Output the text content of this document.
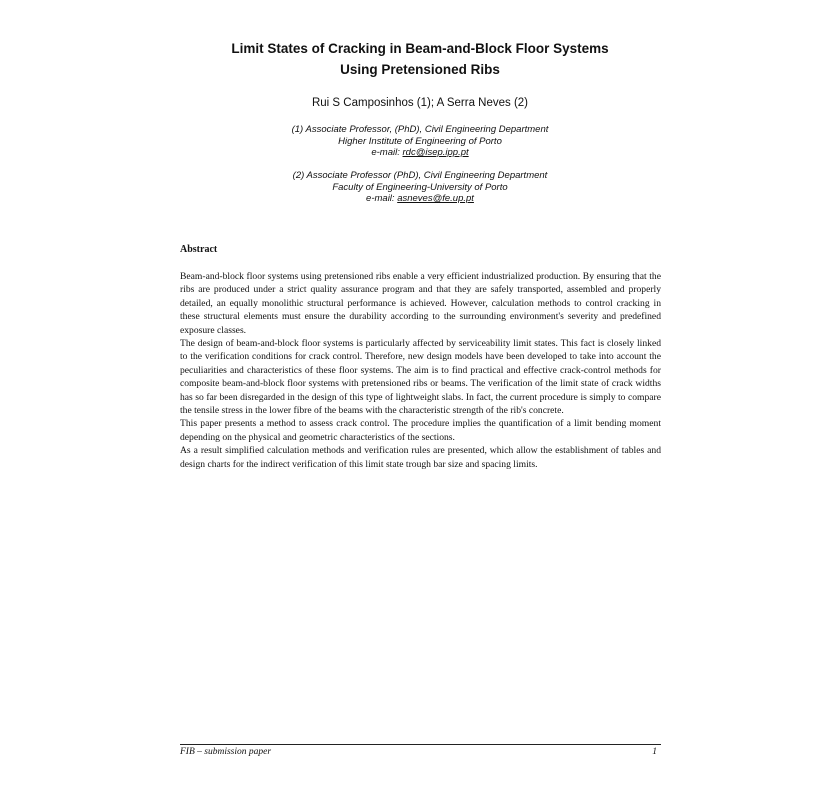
Limit States of Cracking in Beam-and-Block Floor Systems
Using Pretensioned Ribs

Rui S Camposinhos (1); A Serra Neves (2)

(1) Associate Professor, (PhD), Civil Engineering Department
Higher Institute of Engineering of Porto
e-mail: rdc@isep.ipp.pt
(2) Associate Professor (PhD), Civil Engineering Department
Faculty of Engineering-University of Porto
e-mail: asneves@fe.up.pt
Abstract

Beam-and-block floor systems using pretensioned ribs enable a very efficient industrialized production. By ensuring that the ribs are produced under a strict quality assurance program and that they are safely transported, assembled and properly detailed, an equally monolithic structural performance is achieved. However, calculation methods to control cracking in these structural elements must ensure the durability according to the surrounding environment's severity and predefined exposure classes.

The design of beam-and-block floor systems is particularly affected by serviceability limit states. This fact is closely linked to the verification conditions for crack control. Therefore, new design models have been developed to take into account the peculiarities and characteristics of these floor systems. The aim is to find practical and effective crack-control methods for composite beam-and-block floor systems with pretensioned ribs or beams. The verification of the limit state of crack widths has so far been disregarded in the design of this type of lightweight slabs. In fact, the current procedure is simply to compare the tensile stress in the lower fibre of the beams with the characteristic strength of the rib's concrete.

This paper presents a method to assess crack control. The procedure implies the quantification of a limit bending moment depending on the physical and geometric characteristics of the sections.

As a result simplified calculation methods and verification rules are presented, which allow the establishment of tables and design charts for the indirect verification of this limit state trough bar size and spacing limits.

FIB – submission paper	1
